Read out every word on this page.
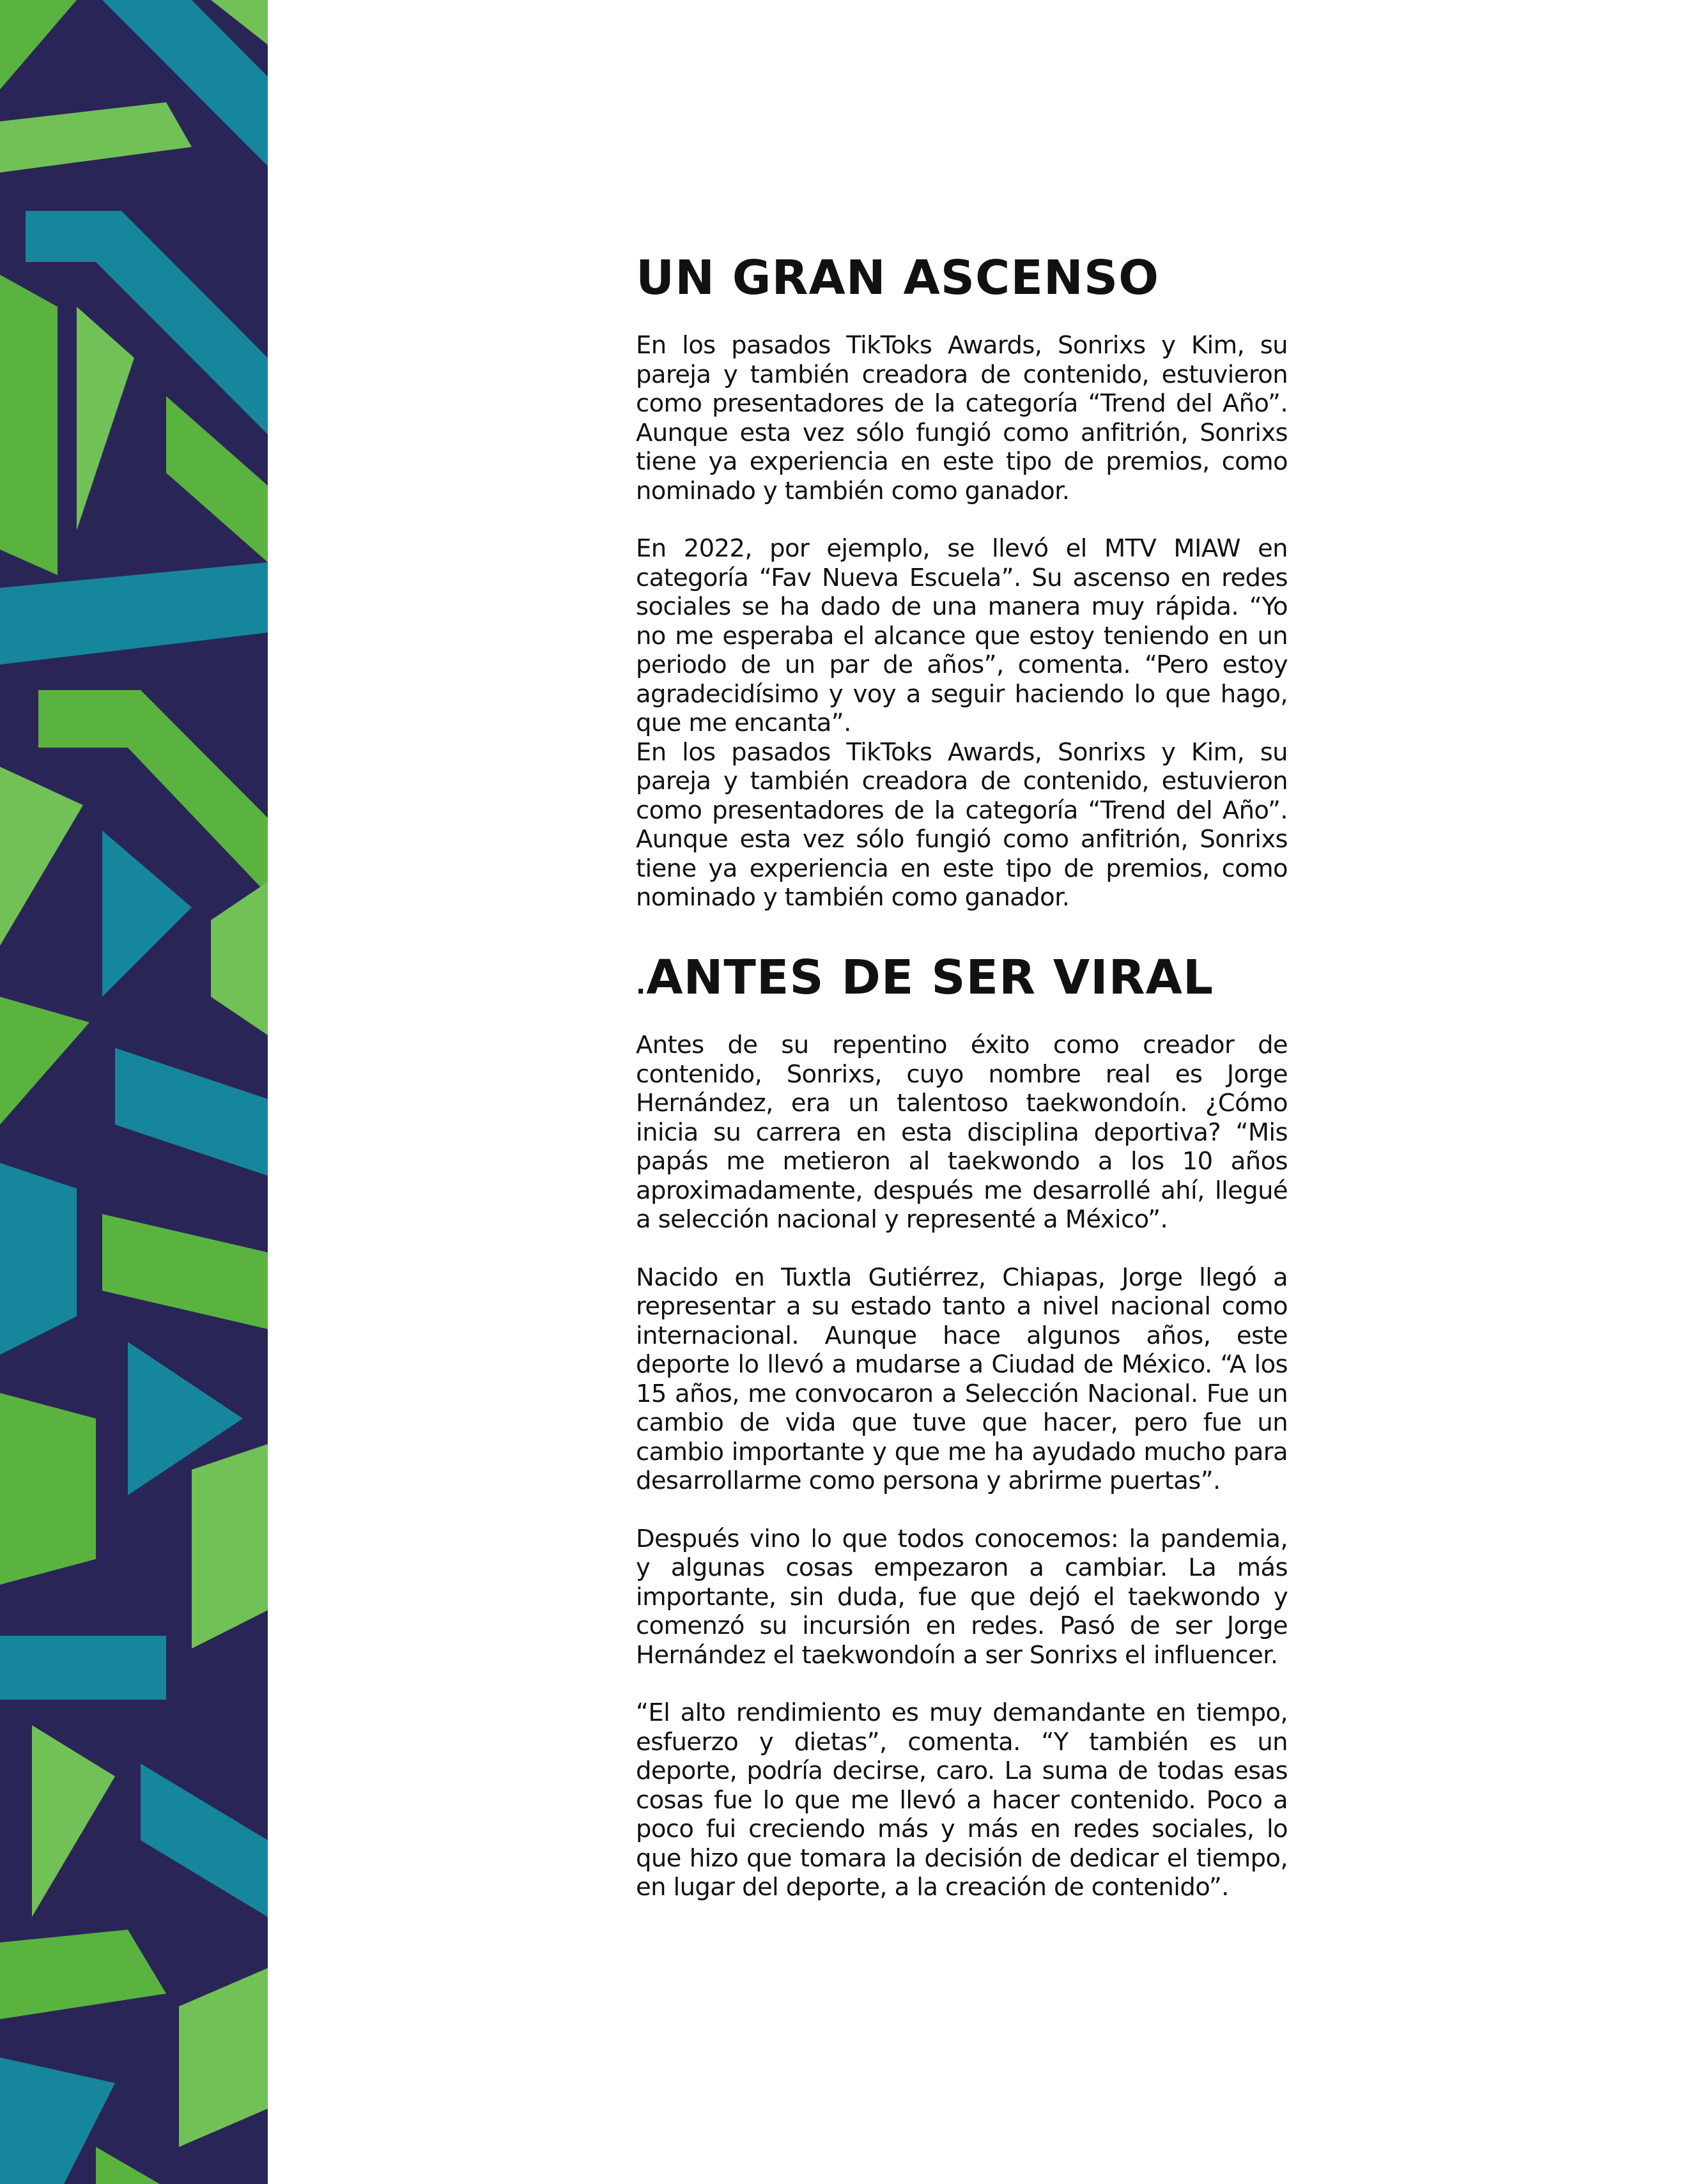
UN GRAN ASCENSO

En los pasados TikToks Awards, Sonrixs y Kim, su pareja y también creadora de contenido, estuvieron como presentadores de la categoría “Trend del Año”. Aunque esta vez sólo fungió como anfitrión, Sonrixs tiene ya experiencia en este tipo de premios, como nominado y también como ganador.

En 2022, por ejemplo, se llevó el MTV MIAW en categoría “Fav Nueva Escuela”. Su ascenso en redes sociales se ha dado de una manera muy rápida. “Yo no me esperaba el alcance que estoy teniendo en un periodo de un par de años”, comenta. “Pero estoy agradecidísimo y voy a seguir haciendo lo que hago, que me encanta”.

En los pasados TikToks Awards, Sonrixs y Kim, su pareja y también creadora de contenido, estuvieron como presentadores de la categoría “Trend del Año”. Aunque esta vez sólo fungió como anfitrión, Sonrixs tiene ya experiencia en este tipo de premios, como nominado y también como ganador.

.ANTES DE SER VIRAL

Antes de su repentino éxito como creador de contenido, Sonrixs, cuyo nombre real es Jorge Hernández, era un talentoso taekwondoín. ¿Cómo inicia su carrera en esta disciplina deportiva? “Mis papás me metieron al taekwondo a los 10 años aproximadamente, después me desarrollé ahí, llegué a selección nacional y representé a México”.

Nacido en Tuxtla Gutiérrez, Chiapas, Jorge llegó a representar a su estado tanto a nivel nacional como internacional. Aunque hace algunos años, este deporte lo llevó a mudarse a Ciudad de México. “A los 15 años, me convocaron a Selección Nacional. Fue un cambio de vida que tuve que hacer, pero fue un cambio importante y que me ha ayudado mucho para desarrollarme como persona y abrirme puertas”.

Después vino lo que todos conocemos: la pandemia, y algunas cosas empezaron a cambiar. La más importante, sin duda, fue que dejó el taekwondo y comenzó su incursión en redes. Pasó de ser Jorge Hernández el taekwondoín a ser Sonrixs el influencer.

“El alto rendimiento es muy demandante en tiempo, esfuerzo y dietas”, comenta. “Y también es un deporte, podría decirse, caro. La suma de todas esas cosas fue lo que me llevó a hacer contenido. Poco a poco fui creciendo más y más en redes sociales, lo que hizo que tomara la decisión de dedicar el tiempo, en lugar del deporte, a la creación de contenido”.
